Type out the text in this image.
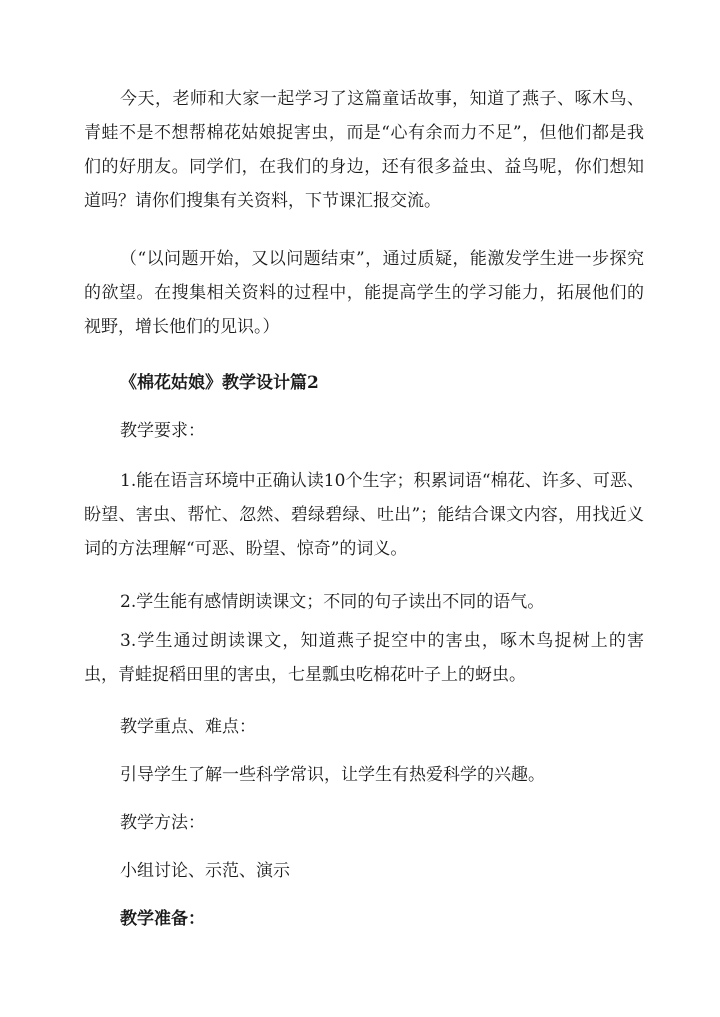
今天，老师和大家一起学习了这篇童话故事，知道了燕子、啄木鸟、青蛙不是不想帮棉花姑娘捉害虫，而是“心有余而力不足”，但他们都是我们的好朋友。同学们，在我们的身边，还有很多益虫、益鸟呢，你们想知道吗？请你们搜集有关资料，下节课汇报交流。

（“以问题开始，又以问题结束”，通过质疑，能激发学生进一步探究的欲望。在搜集相关资料的过程中，能提高学生的学习能力，拓展他们的视野，增长他们的见识。）

《棉花姑娘》教学设计篇2

教学要求：

1.能在语言环境中正确认读10个生字；积累词语“棉花、许多、可恶、盼望、害虫、帮忙、忽然、碧绿碧绿、吐出”；能结合课文内容，用找近义词的方法理解“可恶、盼望、惊奇”的词义。

2.学生能有感情朗读课文；不同的句子读出不同的语气。

3.学生通过朗读课文，知道燕子捉空中的害虫，啄木鸟捉树上的害虫，青蛙捉稻田里的害虫，七星瓢虫吃棉花叶子上的蚜虫。

教学重点、难点：

引导学生了解一些科学常识，让学生有热爱科学的兴趣。

教学方法：

小组讨论、示范、演示

教学准备：
